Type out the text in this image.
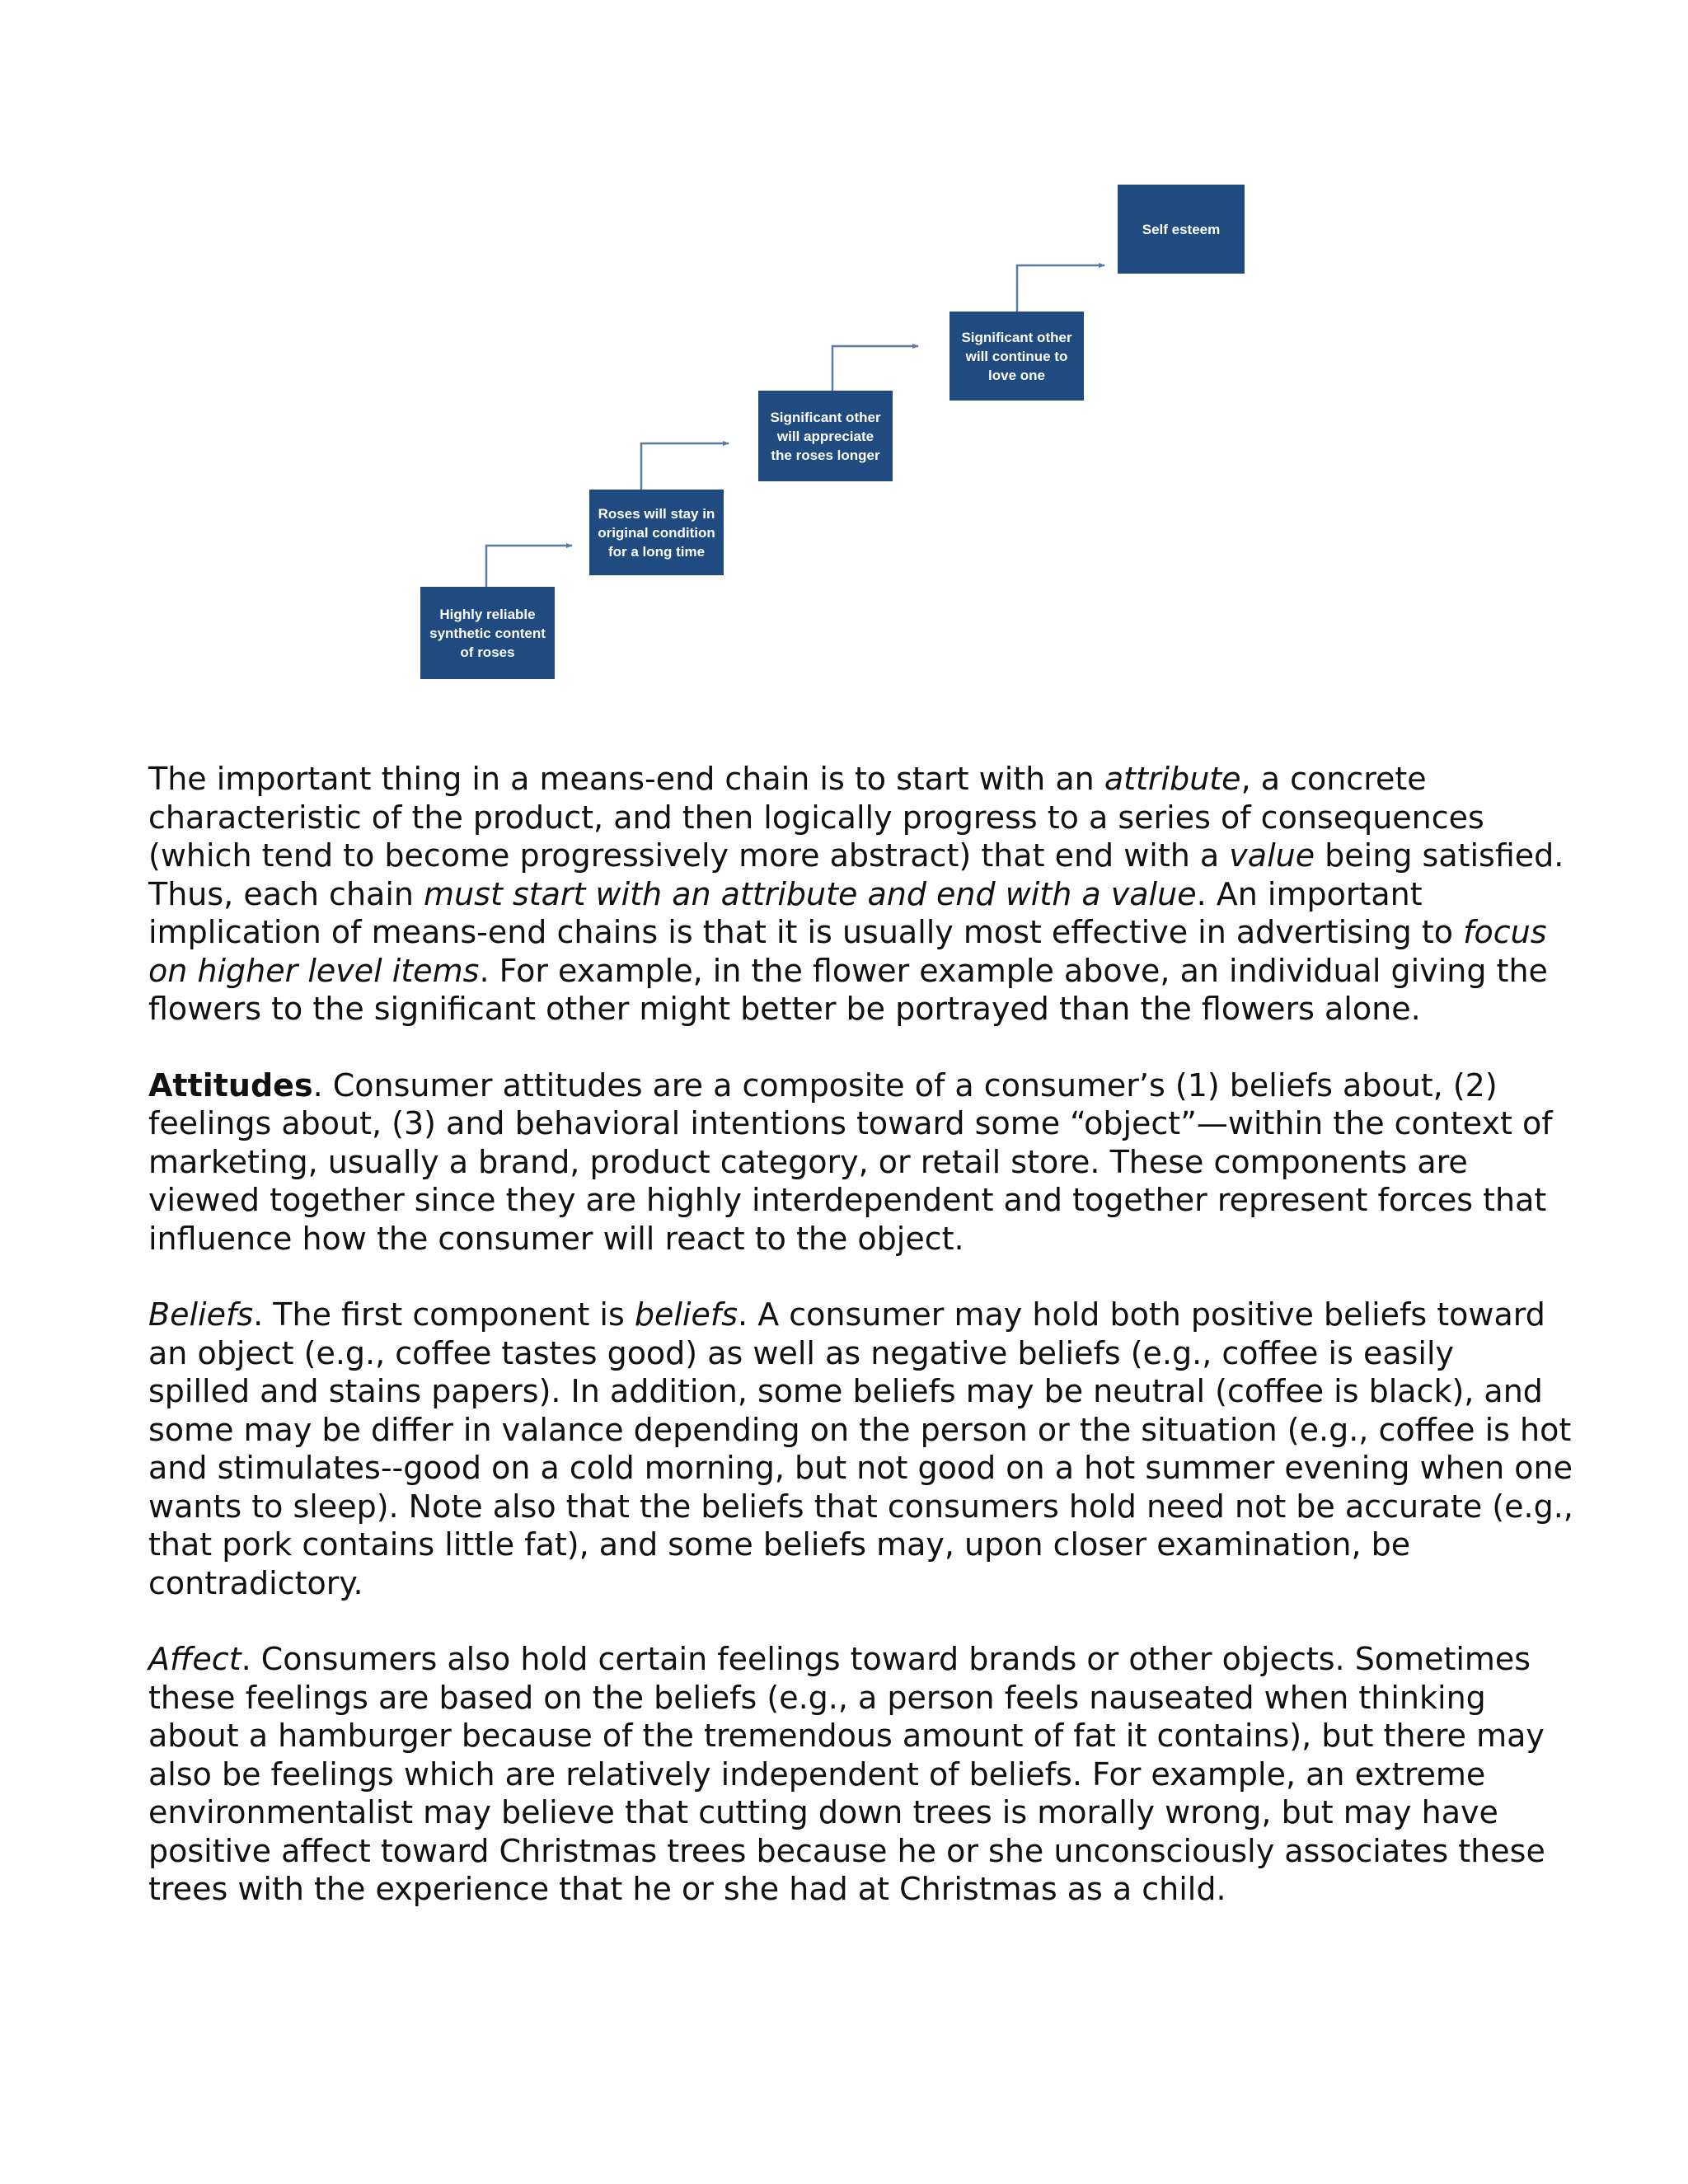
Highly reliable synthetic content of roses
Roses will stay in original condition for a long time
Significant other will appreciate the roses longer
Significant other will continue to love one
Self esteem
The important thing in a means-end chain is to start with an attribute, a concrete
characteristic of the product, and then logically progress to a series of consequences
(which tend to become progressively more abstract) that end with a value being satisfied.
Thus, each chain must start with an attribute and end with a value. An important
implication of means-end chains is that it is usually most effective in advertising to focus
on higher level items. For example, in the flower example above, an individual giving the
flowers to the significant other might better be portrayed than the flowers alone.
Attitudes. Consumer attitudes are a composite of a consumer’s (1) beliefs about, (2)
feelings about, (3) and behavioral intentions toward some “object”—within the context of
marketing, usually a brand, product category, or retail store. These components are
viewed together since they are highly interdependent and together represent forces that
influence how the consumer will react to the object.
Beliefs. The first component is beliefs. A consumer may hold both positive beliefs toward
an object (e.g., coffee tastes good) as well as negative beliefs (e.g., coffee is easily
spilled and stains papers). In addition, some beliefs may be neutral (coffee is black), and
some may be differ in valance depending on the person or the situation (e.g., coffee is hot
and stimulates--good on a cold morning, but not good on a hot summer evening when one
wants to sleep). Note also that the beliefs that consumers hold need not be accurate (e.g.,
that pork contains little fat), and some beliefs may, upon closer examination, be
contradictory.
Affect. Consumers also hold certain feelings toward brands or other objects. Sometimes
these feelings are based on the beliefs (e.g., a person feels nauseated when thinking
about a hamburger because of the tremendous amount of fat it contains), but there may
also be feelings which are relatively independent of beliefs. For example, an extreme
environmentalist may believe that cutting down trees is morally wrong, but may have
positive affect toward Christmas trees because he or she unconsciously associates these
trees with the experience that he or she had at Christmas as a child.
